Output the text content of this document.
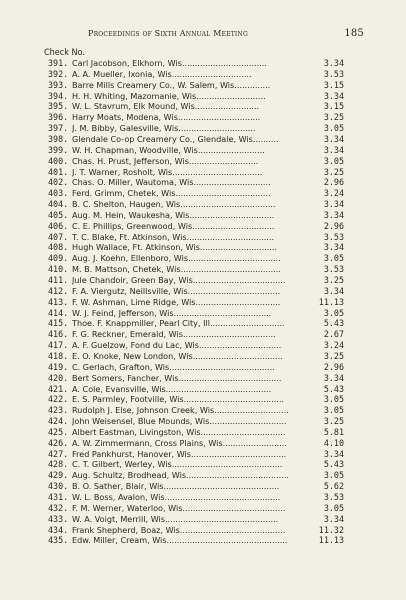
Proceedings of Sixth Annual Meeting	185
Check No.
391. Carl Jacobson, Elkhorn, Wis.................................	3.34
392. A. A. Mueller, Ixonia, Wis...............................	3.53
393. Barre Mills Creamery Co., W. Salem, Wis..............	3.15
394. H. H. Whiting, Mazomanie, Wis...........................	3.34
395. W. L. Stavrum, Elk Mound, Wis.........................	3.15
396. Harry Moats, Modena, Wis................................	3.25
397. J. M. Bibby, Galesville, Wis..............................	3.05
398. Glendale Co-op Creamery Co., Glendale, Wis..........	3.34
399. W. H. Chapman, Woodville, Wis..........................	3.34
400. Chas. H. Prust, Jefferson, Wis...........................	3.05
401. J. T. Warner, Rosholt, Wis...................................	3.25
402. Chas. O. Miller, Wautoma, Wis..............................	2.96
403. Ferd. Grimm, Chetek, Wis.....................................	3.24
404. B. C. Shelton, Haugen, Wis.....................................	3.34
405. Aug. M. Hein, Waukesha, Wis.................................	3.34
406. C. E. Phillips, Greenwood, Wis................................	2.96
407. T. C. Blake, Ft. Atkinson, Wis..................................	3.53
408. Hugh Wallace, Ft. Atkinson, Wis..............................	3.34
409. Aug. J. Koehn, Ellenboro, Wis....................................	3.05
410. M. B. Mattson, Chetek, Wis.......................................	3.53
411. Jule Chandoir, Green Bay, Wis....................................	3.25
412. F. A. Viergutz, Neillsville, Wis....................................	3.34
413. F. W. Ashman, Lime Ridge, Wis.................................	11.13
414. W. J. Feind, Jefferson, Wis......................................	3.05
415. Thoe. F. Knappmiller, Pearl City, Ill.............................	5.43
416. F. G. Reckner, Emerald, Wis....................................	2.67
417. A. F. Guelzow, Fond du Lac, Wis................................	3.24
418. E. O. Knoke, New London, Wis...................................	3.25
419. C. Gerlach, Grafton, Wis.........................................	2.96
420. Bert Somers, Fancher, Wis........................................	3.34
421. A. Cole, Evansville, Wis.........................................	5.43
422. E. S. Parmley, Footville, Wis.......................................	3.05
423. Rudolph J. Else, Johnson Creek, Wis.............................	3.05
424. John Weisensel, Blue Mounds, Wis..............................	3.25
425. Albert Eastman, Livingston, Wis.................................	5.81
426. A. W. Zimmermann, Cross Plains, Wis.........................	4.10
427. Fred Pankhurst, Hanover, Wis.....................................	3.34
428. C. T. Gilbert, Werley, Wis...........................................	5.43
429. Aug. Schultz, Brodhead, Wis........................................	3.05
430. B. O. Sather, Blair, Wis.............................................	5.62
431. W. L. Boss, Avalon, Wis.............................................	3.53
432. F. M. Werner, Waterloo, Wis........................................	3.05
433. W. A. Voigt, Merrill, Wis............................................	3.34
434. Frank Shepherd, Boaz, Wis.........................................	11.32
435. Edw. Miller, Cream, Wis...............................................	11.13
